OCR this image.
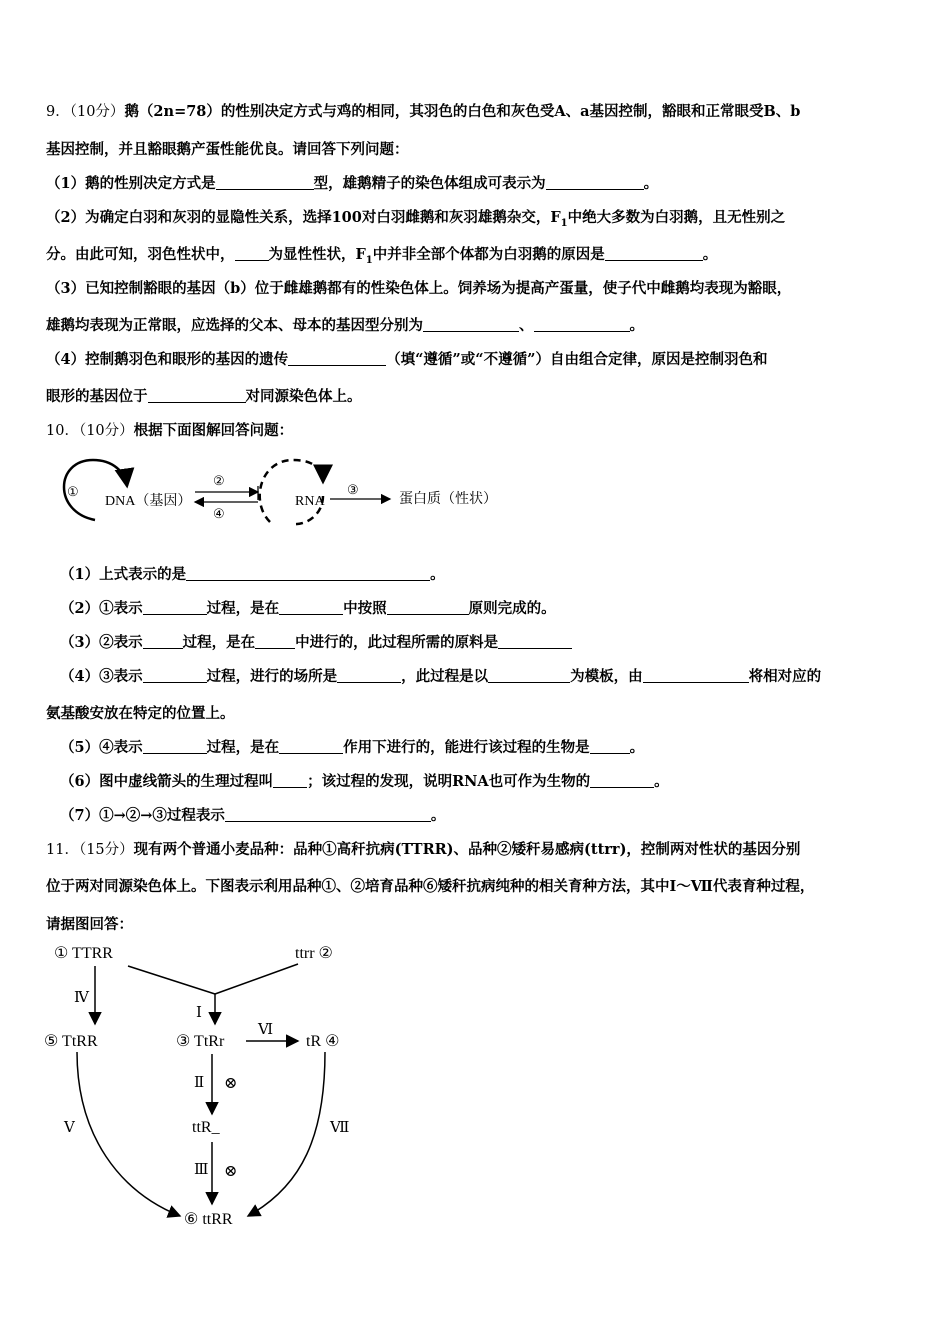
9．（10分）鹅（2n=78）的性别决定方式与鸡的相同，其羽色的白色和灰色受A、a基因控制，豁眼和正常眼受B、b
基因控制，并且豁眼鹅产蛋性能优良。请回答下列问题：
（1）鹅的性别决定方式是	型，雄鹅精子的染色体组成可表示为	。
（2）为确定白羽和灰羽的显隐性关系，选择100对白羽雌鹅和灰羽雄鹅杂交，$F_1$中绝大多数为白羽鹅，且无性别之
分。由此可知，羽色性状中， 为显性性状，$F_1$中并非全部个体都为白羽鹅的原因是	。
（3）已知控制豁眼的基因（b）位于雌雄鹅都有的性染色体上。饲养场为提高产蛋量，使子代中雌鹅均表现为豁眼，
雄鹅均表现为正常眼，应选择的父本、母本的基因型分别为	、	。
（4）控制鹅羽色和眼形的基因的遗传	（填“遵循”或“不遵循”）自由组合定律，原因是控制羽色和
眼形的基因位于	对同源染色体上。
10．（10分）根据下面图解回答问题：
①
DNA（基因）
②
④
RNA
③
蛋白质（性状）
（1）上式表示的是	。
（2）①表示	过程，是在	中按照	原则完成的。
（3）②表示	过程，是在	中进行的，此过程所需的原料是
（4）③表示	过程，进行的场所是	，此过程是以	为模板，由	将相对应的
氨基酸安放在特定的位置上。
（5）④表示	过程，是在	作用下进行的，能进行该过程的生物是	。
（6）图中虚线箭头的生理过程叫 ；该过程的发现，说明RNA也可作为生物的	。
（7）①→②→③过程表示	。
11．（15分）现有两个普通小麦品种：品种①高秆抗病(TTRR)、品种②矮秆易感病(ttrr)，控制两对性状的基因分别
位于两对同源染色体上。下图表示利用品种①、②培育品种⑥矮秆抗病纯种的相关育种方法，其中Ⅰ～Ⅶ代表育种过程，
请据图回答：
① TTRR	ttrr ②
Ⅰ
Ⅳ
⑤ TtRR	③ TtRr	tR ④
Ⅵ
Ⅱ ⊗
ttR_
Ⅲ ⊗
Ⅴ	Ⅶ
⑥ ttRR
